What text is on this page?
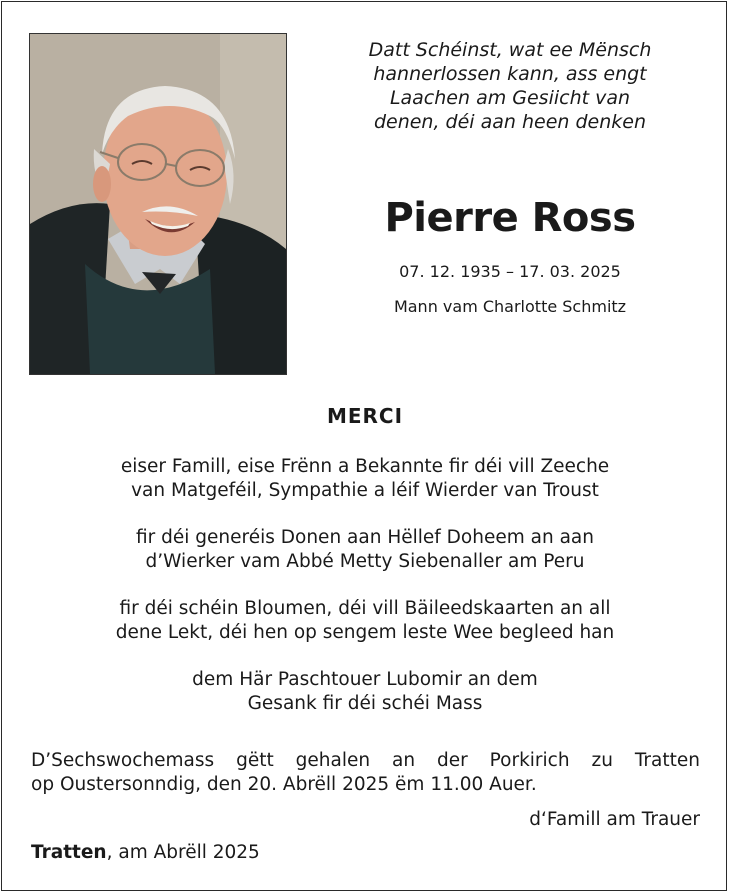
Datt Schéinst, wat ee Mënsch
hannerlossen kann, ass engt
Laachen am Gesiicht van
denen, déi aan heen denken
Pierre Ross
07. 12. 1935 – 17. 03. 2025
Mann vam Charlotte Schmitz
MERCI
eiser Famill, eise Frënn a Bekannte fir déi vill Zeeche
van Matgeféil, Sympathie a léif Wierder van Troust
fir déi generéis Donen aan Hëllef Doheem an aan
d’Wierker vam Abbé Metty Siebenaller am Peru
fir déi schéin Bloumen, déi vill Bäileedskaarten an all
dene Lekt, déi hen op sengem leste Wee begleed han
dem Här Paschtouer Lubomir an dem
Gesank fir déi schéi Mass
D’Sechswochemass gëtt gehalen an der Porkirich zu Tratten
op Oustersonndig, den 20. Abrëll 2025 ëm 11.00 Auer.
d‘Famill am Trauer
Tratten, am Abrëll 2025
